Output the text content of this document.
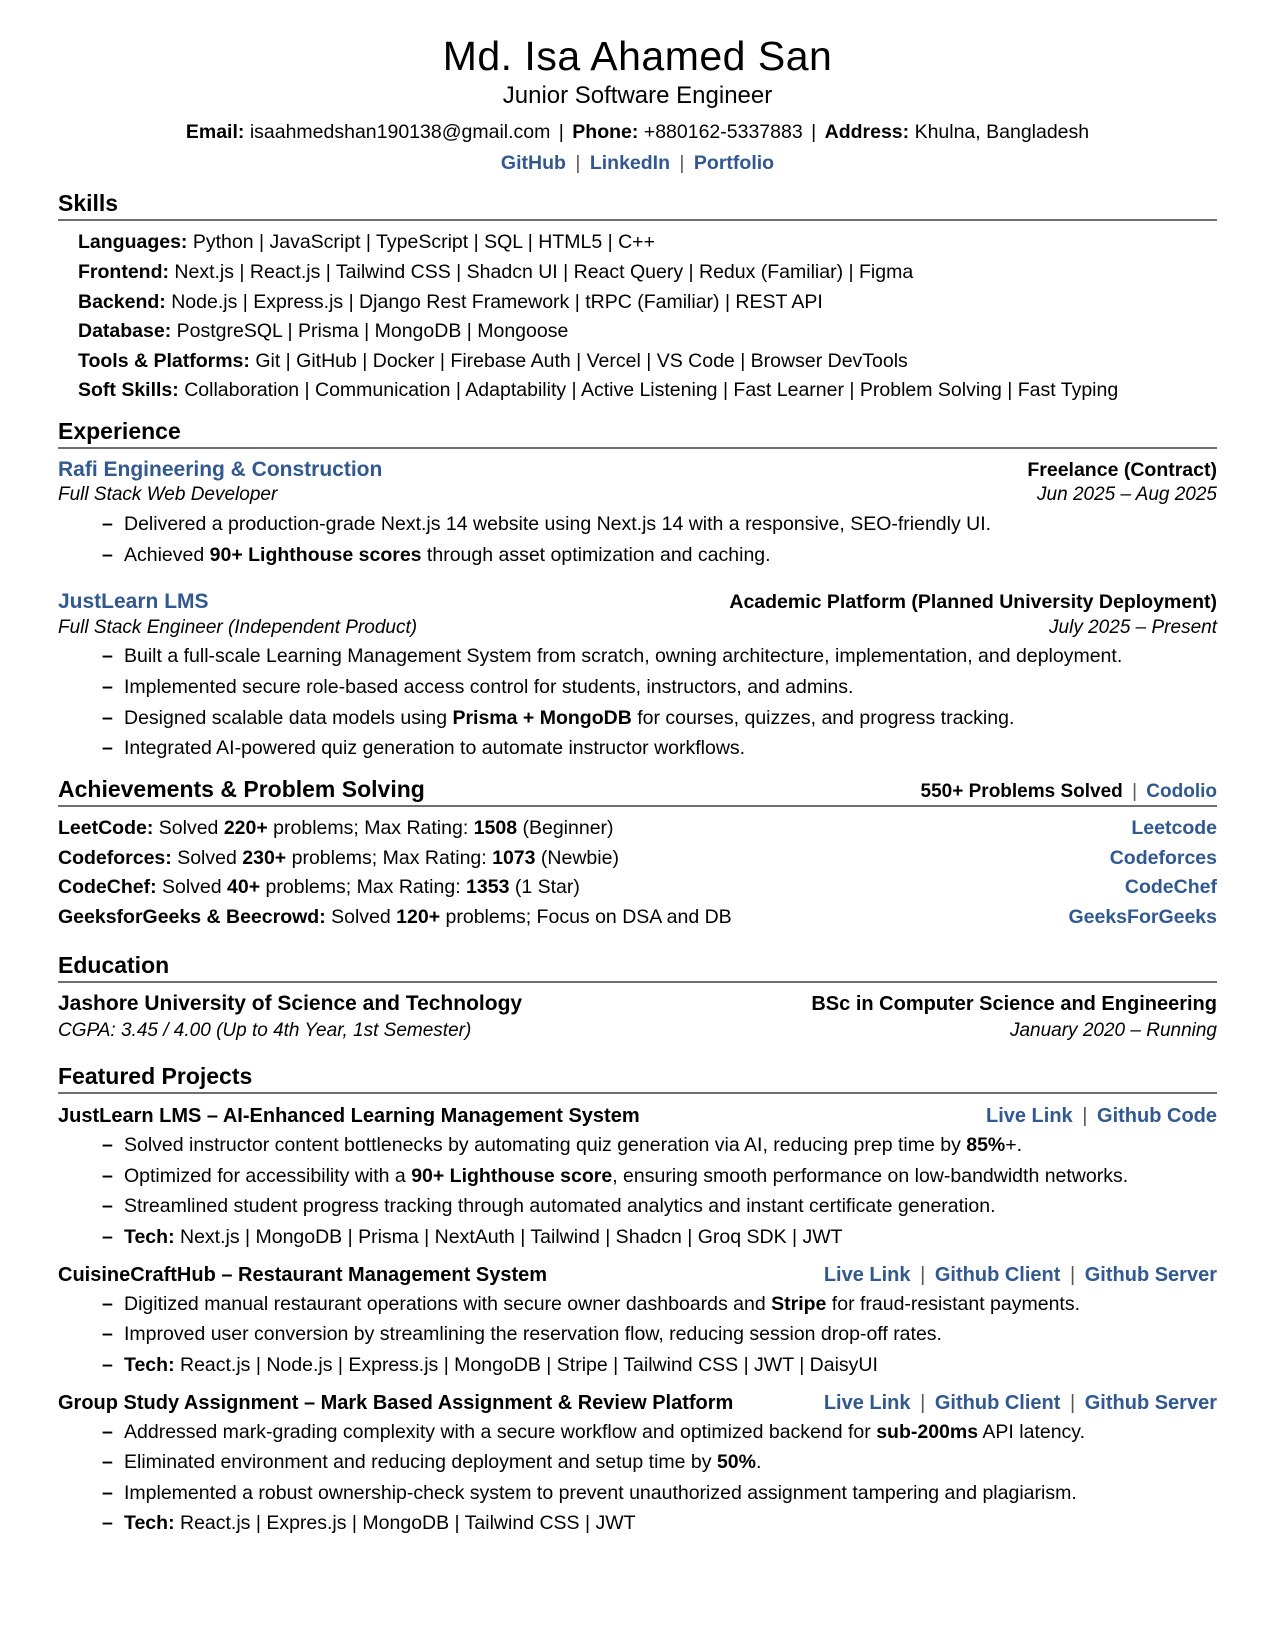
Md. Isa Ahamed San
Junior Software Engineer
Email: isaahmedshan190138@gmail.com | Phone: +880162-5337883 | Address: Khulna, Bangladesh
GitHub | LinkedIn | Portfolio
Skills
Languages: Python | JavaScript | TypeScript | SQL | HTML5 | C++
Frontend: Next.js | React.js | Tailwind CSS | Shadcn UI | React Query | Redux (Familiar) | Figma
Backend: Node.js | Express.js | Django Rest Framework | tRPC (Familiar) | REST API
Database: PostgreSQL | Prisma | MongoDB | Mongoose
Tools & Platforms: Git | GitHub | Docker | Firebase Auth | Vercel | VS Code | Browser DevTools
Soft Skills: Collaboration | Communication | Adaptability | Active Listening | Fast Learner | Problem Solving | Fast Typing
Experience
Rafi Engineering & Construction	Freelance (Contract)
Full Stack Web Developer	Jun 2025 – Aug 2025
– Delivered a production-grade Next.js 14 website using Next.js 14 with a responsive, SEO-friendly UI.
– Achieved 90+ Lighthouse scores through asset optimization and caching.
JustLearn LMS	Academic Platform (Planned University Deployment)
Full Stack Engineer (Independent Product)	July 2025 – Present
– Built a full-scale Learning Management System from scratch, owning architecture, implementation, and deployment.
– Implemented secure role-based access control for students, instructors, and admins.
– Designed scalable data models using Prisma + MongoDB for courses, quizzes, and progress tracking.
– Integrated AI-powered quiz generation to automate instructor workflows.
Achievements & Problem Solving	550+ Problems Solved | Codolio
LeetCode: Solved 220+ problems; Max Rating: 1508 (Beginner)	Leetcode
Codeforces: Solved 230+ problems; Max Rating: 1073 (Newbie)	Codeforces
CodeChef: Solved 40+ problems; Max Rating: 1353 (1 Star)	CodeChef
GeeksforGeeks & Beecrowd: Solved 120+ problems; Focus on DSA and DB	GeeksForGeeks
Education
Jashore University of Science and Technology	BSc in Computer Science and Engineering
CGPA: 3.45 / 4.00 (Up to 4th Year, 1st Semester)	January 2020 – Running
Featured Projects
JustLearn LMS – AI-Enhanced Learning Management System	Live Link | Github Code
– Solved instructor content bottlenecks by automating quiz generation via AI, reducing prep time by 85%+.
– Optimized for accessibility with a 90+ Lighthouse score, ensuring smooth performance on low-bandwidth networks.
– Streamlined student progress tracking through automated analytics and instant certificate generation.
– Tech: Next.js | MongoDB | Prisma | NextAuth | Tailwind | Shadcn | Groq SDK | JWT
CuisineCraftHub – Restaurant Management System	Live Link | Github Client | Github Server
– Digitized manual restaurant operations with secure owner dashboards and Stripe for fraud-resistant payments.
– Improved user conversion by streamlining the reservation flow, reducing session drop-off rates.
– Tech: React.js | Node.js | Express.js | MongoDB | Stripe | Tailwind CSS | JWT | DaisyUI
Group Study Assignment – Mark Based Assignment & Review Platform	Live Link | Github Client | Github Server
– Addressed mark-grading complexity with a secure workflow and optimized backend for sub-200ms API latency.
– Eliminated environment and reducing deployment and setup time by 50%.
– Implemented a robust ownership-check system to prevent unauthorized assignment tampering and plagiarism.
– Tech: React.js | Expres.js | MongoDB | Tailwind CSS | JWT
